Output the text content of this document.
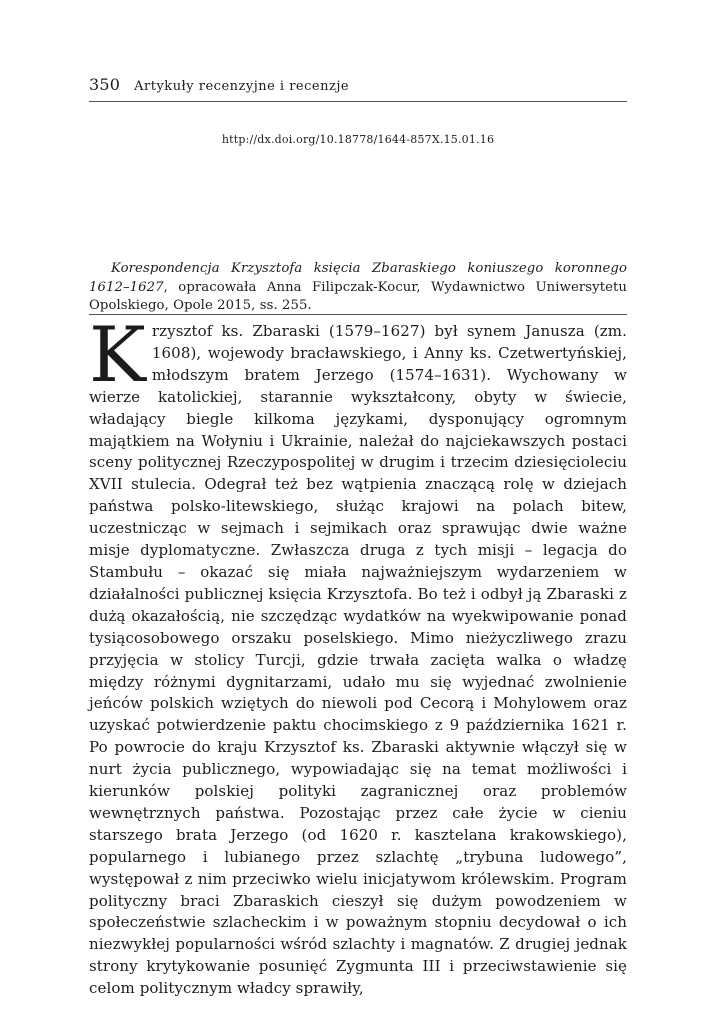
350 Artykuły recenzyjne i recenzje
http://dx.doi.org/10.18778/1644-857X.15.01.16

Korespondencja Krzysztofa księcia Zbaraskiego koniuszego koronnego 1612–1627, opracowała Anna Filipczak-Kocur, Wydawnictwo Uniwersytetu Opolskiego, Opole 2015, ss. 255.

Krzysztof ks. Zbaraski (1579–1627) był synem Janusza (zm. 1608), wojewody bracławskiego, i Anny ks. Czetwertyńskiej, młodszym bratem Jerzego (1574–1631). Wychowany w wierze katolickiej, starannie wykształcony, obyty w świecie, władający biegle kilkoma językami, dysponujący ogromnym majątkiem na Wołyniu i Ukrainie, należał do najciekawszych postaci sceny politycznej Rzeczypospolitej w drugim i trzecim dziesięcioleciu XVII stulecia. Odegrał też bez wątpienia znaczącą rolę w dziejach państwa polsko-litewskiego, służąc krajowi na polach bitew, uczestnicząc w sejmach i sejmikach oraz sprawując dwie ważne misje dyplomatyczne. Zwłaszcza druga z tych misji – legacja do Stambułu – okazać się miała najważniejszym wydarzeniem w działalności publicznej księcia Krzysztofa. Bo też i odbył ją Zbaraski z dużą okazałością, nie szczędząc wydatków na wyekwipowanie ponad tysiącosobowego orszaku poselskiego. Mimo nieżyczliwego zrazu przyjęcia w stolicy Turcji, gdzie trwała zacięta walka o władzę między różnymi dygnitarzami, udało mu się wyjednać zwolnienie jeńców polskich wziętych do niewoli pod Cecorą i Mohylowem oraz uzyskać potwierdzenie paktu chocimskiego z 9 października 1621 r. Po powrocie do kraju Krzysztof ks. Zbaraski aktywnie włączył się w nurt życia publicznego, wypowiadając się na temat możliwości i kierunków polskiej polityki zagranicznej oraz problemów wewnętrznych państwa. Pozostając przez całe życie w cieniu starszego brata Jerzego (od 1620 r. kasztelana krakowskiego), popularnego i lubianego przez szlachtę „trybuna ludowego”, występował z nim przeciwko wielu inicjatywom królewskim. Program polityczny braci Zbaraskich cieszył się dużym powodzeniem w społeczeństwie szlacheckim i w poważnym stopniu decydował o ich niezwykłej popularności wśród szlachty i magnatów. Z drugiej jednak strony krytykowanie posunięć Zygmunta III i przeciwstawienie się celom politycznym władcy sprawiły,
